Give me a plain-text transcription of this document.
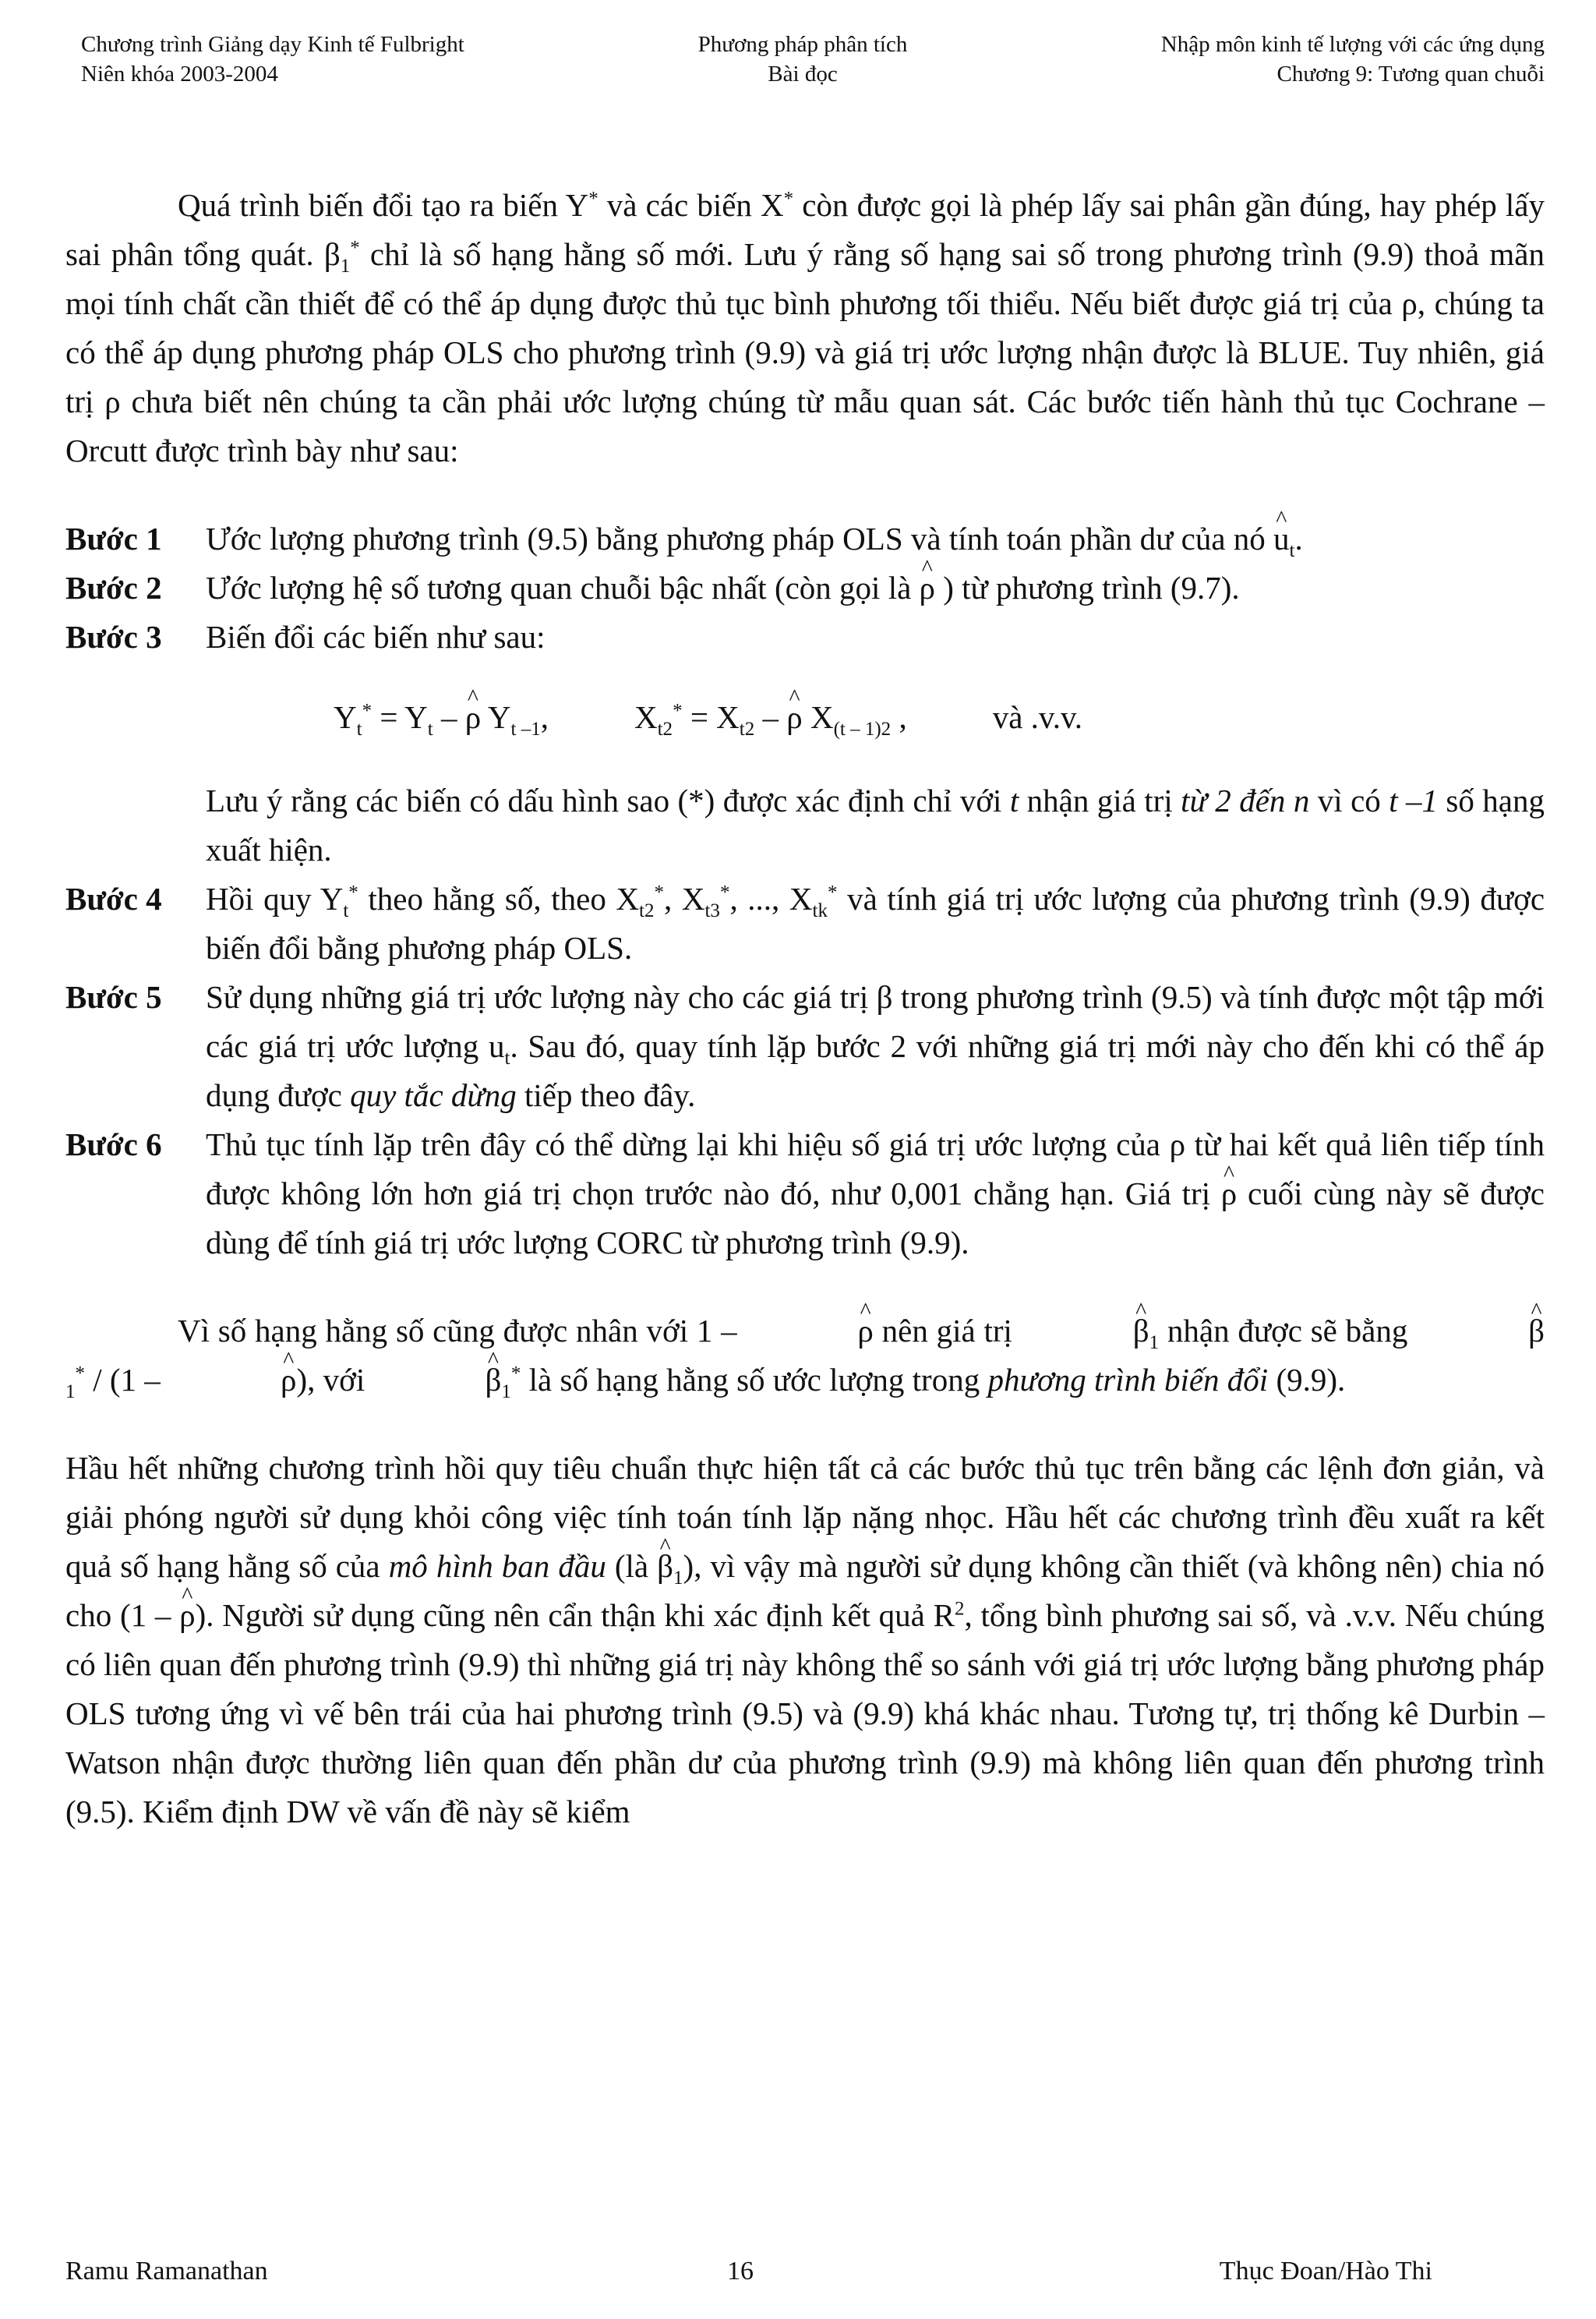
Chương trình Giảng dạy Kinh tế Fulbright
Niên khóa 2003-2004
Phương pháp phân tích
Bài đọc
Nhập môn kinh tế lượng với các ứng dụng
Chương 9: Tương quan chuỗi

Quá trình biến đổi tạo ra biến Y* và các biến X* còn được gọi là phép lấy sai phân gần đúng, hay phép lấy sai phân tổng quát. $\beta_1^*$ chỉ là số hạng hằng số mới. Lưu ý rằng số hạng sai số trong phương trình (9.9) thoả mãn mọi tính chất cần thiết để có thể áp dụng được thủ tục bình phương tối thiểu. Nếu biết được giá trị của ρ, chúng ta có thể áp dụng phương pháp OLS cho phương trình (9.9) và giá trị ước lượng nhận được là BLUE. Tuy nhiên, giá trị ρ chưa biết nên chúng ta cần phải ước lượng chúng từ mẫu quan sát. Các bước tiến hành thủ tục Cochrane – Orcutt được trình bày như sau:

Bước 1	Ước lượng phương trình (9.5) bằng phương pháp OLS và tính toán phần dư của nó ^ $u_t$.
Bước 2	Ước lượng hệ số tương quan chuỗi bậc nhất (còn gọi là ^ ρ ) từ phương trình (9.7).
Bước 3	Biến đổi các biến như sau:
$Y_t^* = Y_t$ – ^ ρ $Y_{t -1}$,	$X_{t2}^* = X_{t2}$ – ^ ρ $X_{(t - 1)2}$ ,	và .v.v.
Lưu ý rằng các biến có dấu hình sao (*) được xác định chỉ với t nhận giá trị từ 2 đến n vì có t –1 số hạng xuất hiện.
Bước 4	Hồi quy $Y_t^*$ theo hằng số, theo $X_{t2}^*$, $X_{t3}^*$, ..., $X_{tk}^*$ và tính giá trị ước lượng của phương trình (9.9) được biến đổi bằng phương pháp OLS.
Bước 5	Sử dụng những giá trị ước lượng này cho các giá trị β trong phương trình (9.5) và tính được một tập mới các giá trị ước lượng $u_t$. Sau đó, quay tính lặp bước 2 với những giá trị mới này cho đến khi có thể áp dụng được quy tắc dừng tiếp theo đây.
Bước 6	Thủ tục tính lặp trên đây có thể dừng lại khi hiệu số giá trị ước lượng của ρ từ hai kết quả liên tiếp tính được không lớn hơn giá trị chọn trước nào đó, như 0,001 chẳng hạn. Giá trị ^ ρ cuối cùng này sẽ được dùng để tính giá trị ước lượng CORC từ phương trình (9.9).

Vì số hạng hằng số cũng được nhân với 1 –	^ ρ nên giá trị	^ $\beta_1$ nhận được sẽ bằng	^ $\beta_1^* / (1$ –	^ ρ), với	^ $\beta_1^*$ là số hạng hằng số ước lượng trong phương trình biến đổi (9.9).

Hầu hết những chương trình hồi quy tiêu chuẩn thực hiện tất cả các bước thủ tục trên bằng các lệnh đơn giản, và giải phóng người sử dụng khỏi công việc tính toán tính lặp nặng nhọc. Hầu hết các chương trình đều xuất ra kết quả số hạng hằng số của mô hình ban đầu (là ^ $\beta_1$), vì vậy mà người sử dụng không cần thiết (và không nên) chia nó cho (1 – ^ ρ). Người sử dụng cũng nên cẩn thận khi xác định kết quả $R^2$, tổng bình phương sai số, và .v.v. Nếu chúng có liên quan đến phương trình (9.9) thì những giá trị này không thể so sánh với giá trị ước lượng bằng phương pháp OLS tương ứng vì vế bên trái của hai phương trình (9.5) và (9.9) khá khác nhau. Tương tự, trị thống kê Durbin – Watson nhận được thường liên quan đến phần dư của phương trình (9.9) mà không liên quan đến phương trình (9.5). Kiểm định DW về vấn đề này sẽ kiểm

Ramu Ramanathan	16	Thục Đoan/Hào Thi
